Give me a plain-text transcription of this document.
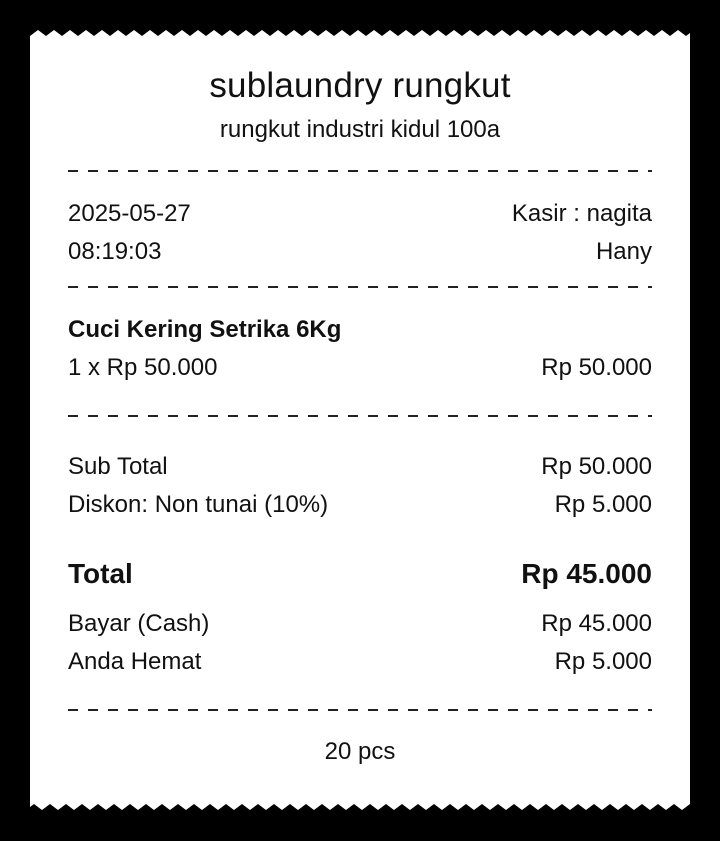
sublaundry rungkut
rungkut industri kidul 100a
2025-05-27	Kasir : nagita
08:19:03	Hany
Cuci Kering Setrika 6Kg
1 x Rp 50.000	Rp 50.000
Sub Total	Rp 50.000
Diskon: Non tunai (10%)	Rp 5.000
Total	Rp 45.000
Bayar (Cash)	Rp 45.000
Anda Hemat	Rp 5.000
20 pcs
